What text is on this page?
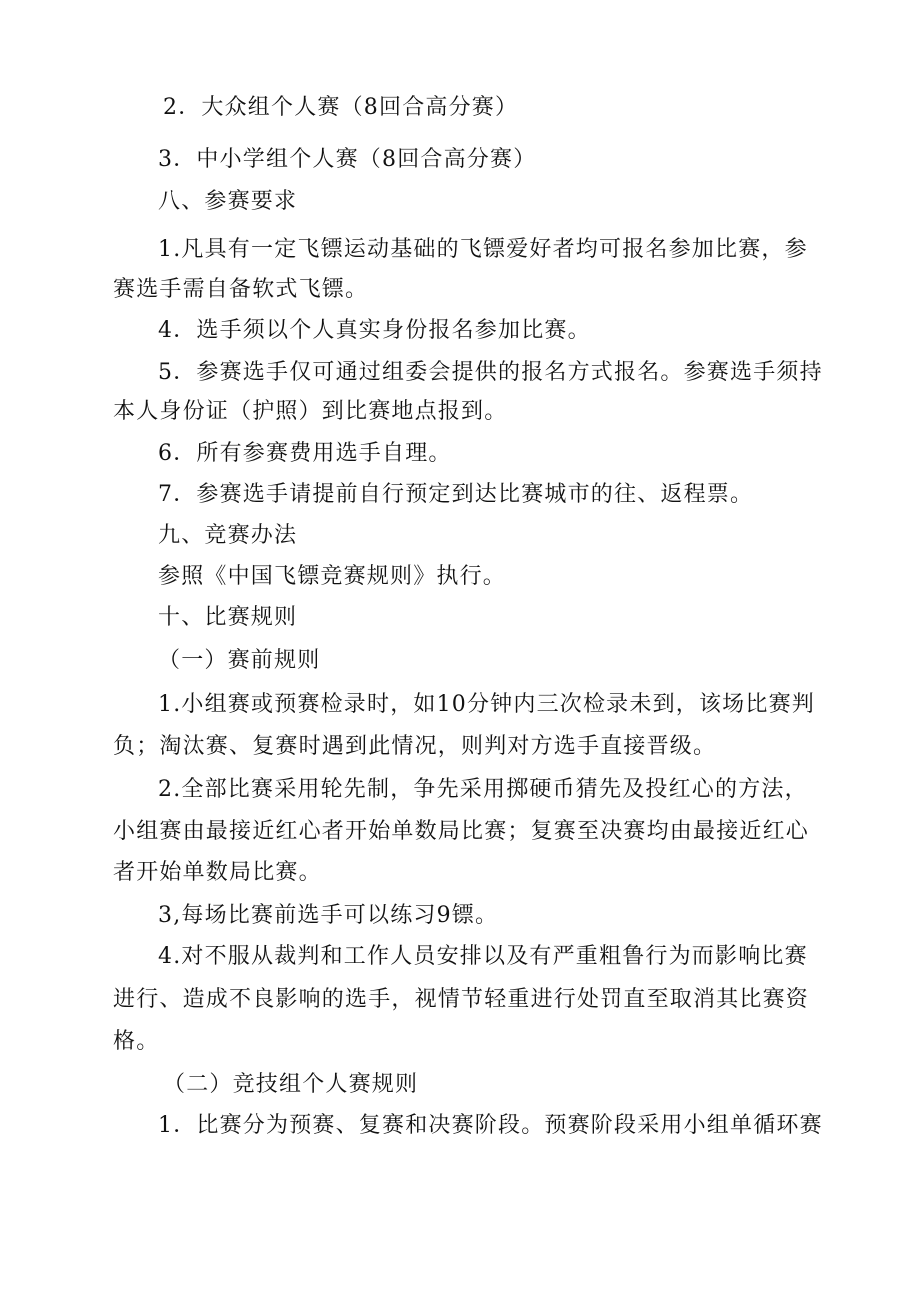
2．大众组个人赛（8回合高分赛）
3．中小学组个人赛（8回合高分赛）
八、参赛要求
1.凡具有一定飞镖运动基础的飞镖爱好者均可报名参加比赛，参
赛选手需自备软式飞镖。
4．选手须以个人真实身份报名参加比赛。
5．参赛选手仅可通过组委会提供的报名方式报名。参赛选手须持
本人身份证（护照）到比赛地点报到。
6．所有参赛费用选手自理。
7．参赛选手请提前自行预定到达比赛城市的往、返程票。
九、竞赛办法
参照《中国飞镖竞赛规则》执行。
十、比赛规则
（一）赛前规则
1.小组赛或预赛检录时，如10分钟内三次检录未到，该场比赛判
负；淘汰赛、复赛时遇到此情况，则判对方选手直接晋级。
2.全部比赛采用轮先制，争先采用掷硬币猜先及投红心的方法，
小组赛由最接近红心者开始单数局比赛；复赛至决赛均由最接近红心
者开始单数局比赛。
3,每场比赛前选手可以练习9镖。
4.对不服从裁判和工作人员安排以及有严重粗鲁行为而影响比赛
进行、造成不良影响的选手，视情节轻重进行处罚直至取消其比赛资
格。
（二）竞技组个人赛规则
1．比赛分为预赛、复赛和决赛阶段。预赛阶段采用小组单循环赛
